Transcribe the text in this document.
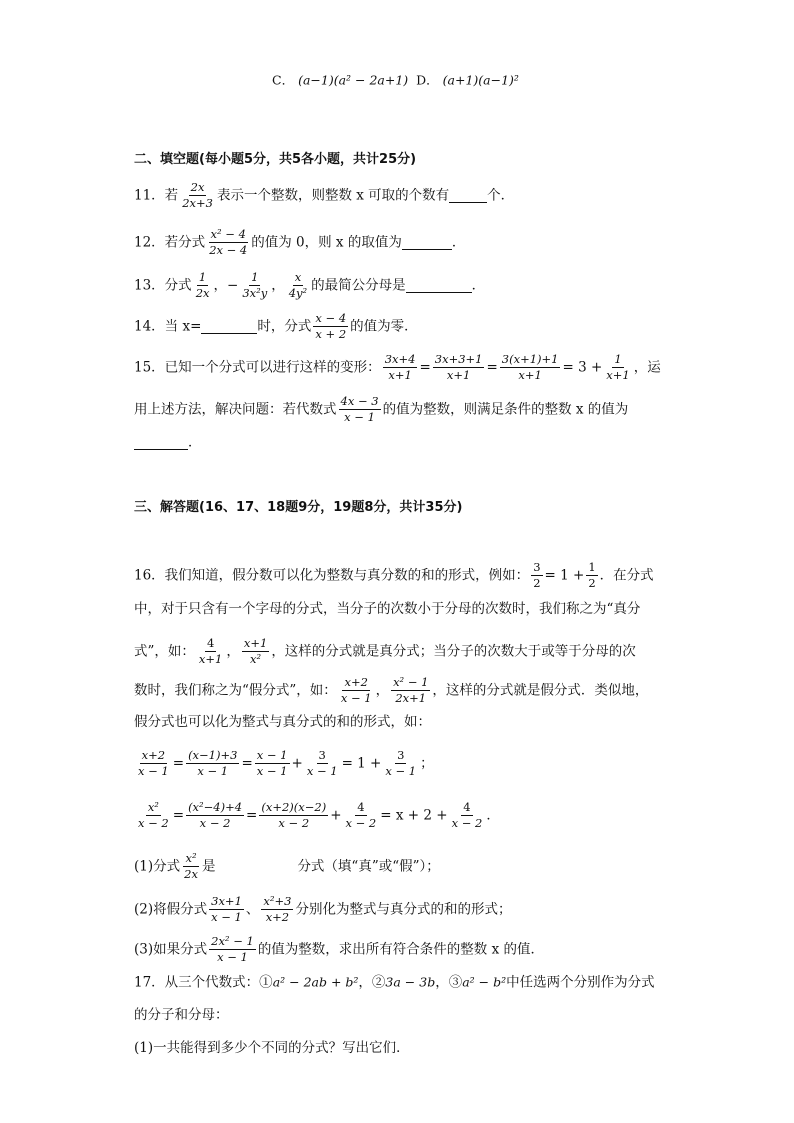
C． (a−1)(a² − 2a+1) D． (a+1)(a−1)²
二、填空题(每小题5分，共5各小题，共计25分)
11．若 $\frac{2x}{2x+3}$ 表示一个整数，则整数 x 可取的个数有	个．
12．若分式 $\frac{\text{x² − 4}}{2x - 4}$ 的值为 0，则 x 的取值为	．
13．分式 $\frac{1}{2x}$ ，− $\frac{1}{\text{3x²y}}$ ， $\frac{x}{\text{4y²}}$ 的最简公分母是	．
14．当 x=	时，分式 $\frac{x - 4}{x + 2}$ 的值为零．
15．已知一个分式可以进行这样的变形： $\frac{3x+4}{x+1} = \frac{3x+3+1}{x+1} = \frac{3(x+1)+1}{x+1} = 3 + \frac{1}{x+1}$ ，运
用上述方法，解决问题：若代数式 $\frac{4x - 3}{x - 1}$ 的值为整数，则满足条件的整数 x 的值为
．
三、解答题(16、17、18题9分，19题8分，共计35分)
16．我们知道，假分数可以化为整数与真分数的和的形式，例如： $\frac{3}{2} = 1 + \frac{1}{2}$ ．在分式
中，对于只含有一个字母的分式，当分子的次数小于分母的次数时，我们称之为“真分
式”，如： $\frac{4}{x+1}$ ， $\frac{x+1}{\text{x²}}$ ，这样的分式就是真分式；当分子的次数大于或等于分母的次
数时，我们称之为“假分式”，如： $\frac{x+2}{x - 1}$ ， $\frac{\text{x² − 1}}{2x+1}$ ，这样的分式就是假分式．类似地，
假分式也可以化为整式与真分式的和的形式，如：
$\frac{x+2}{x - 1} = \frac{(x-1)+3}{x - 1} = \frac{x - 1}{x - 1} + \frac{3}{x - 1} = 1 + \frac{3}{x - 1}$ ；
$\frac{\text{x²}}{x - 2} = \frac{\text{(x²−4)+4}}{x - 2} = \frac{(x+2)(x-2)}{x - 2} + \frac{4}{x - 2} = x + 2 + \frac{4}{x - 2}$ ．
(1)分式 $\frac{\text{x²}}{2x}$ 是	分式（填“真”或“假”）；
(2)将假分式 $\frac{3x+1}{x - 1}$ 、 $\frac{\text{x²+3}}{x+2}$ 分别化为整式与真分式的和的形式；
(3)如果分式 $\frac{\text{2x² − 1}}{x - 1}$ 的值为整数，求出所有符合条件的整数 x 的值．
17．从三个代数式：①a² − 2ab + b²，②3a − 3b，③a² − b²中任选两个分别作为分式
的分子和分母：
(1)一共能得到多少个不同的分式？写出它们．
